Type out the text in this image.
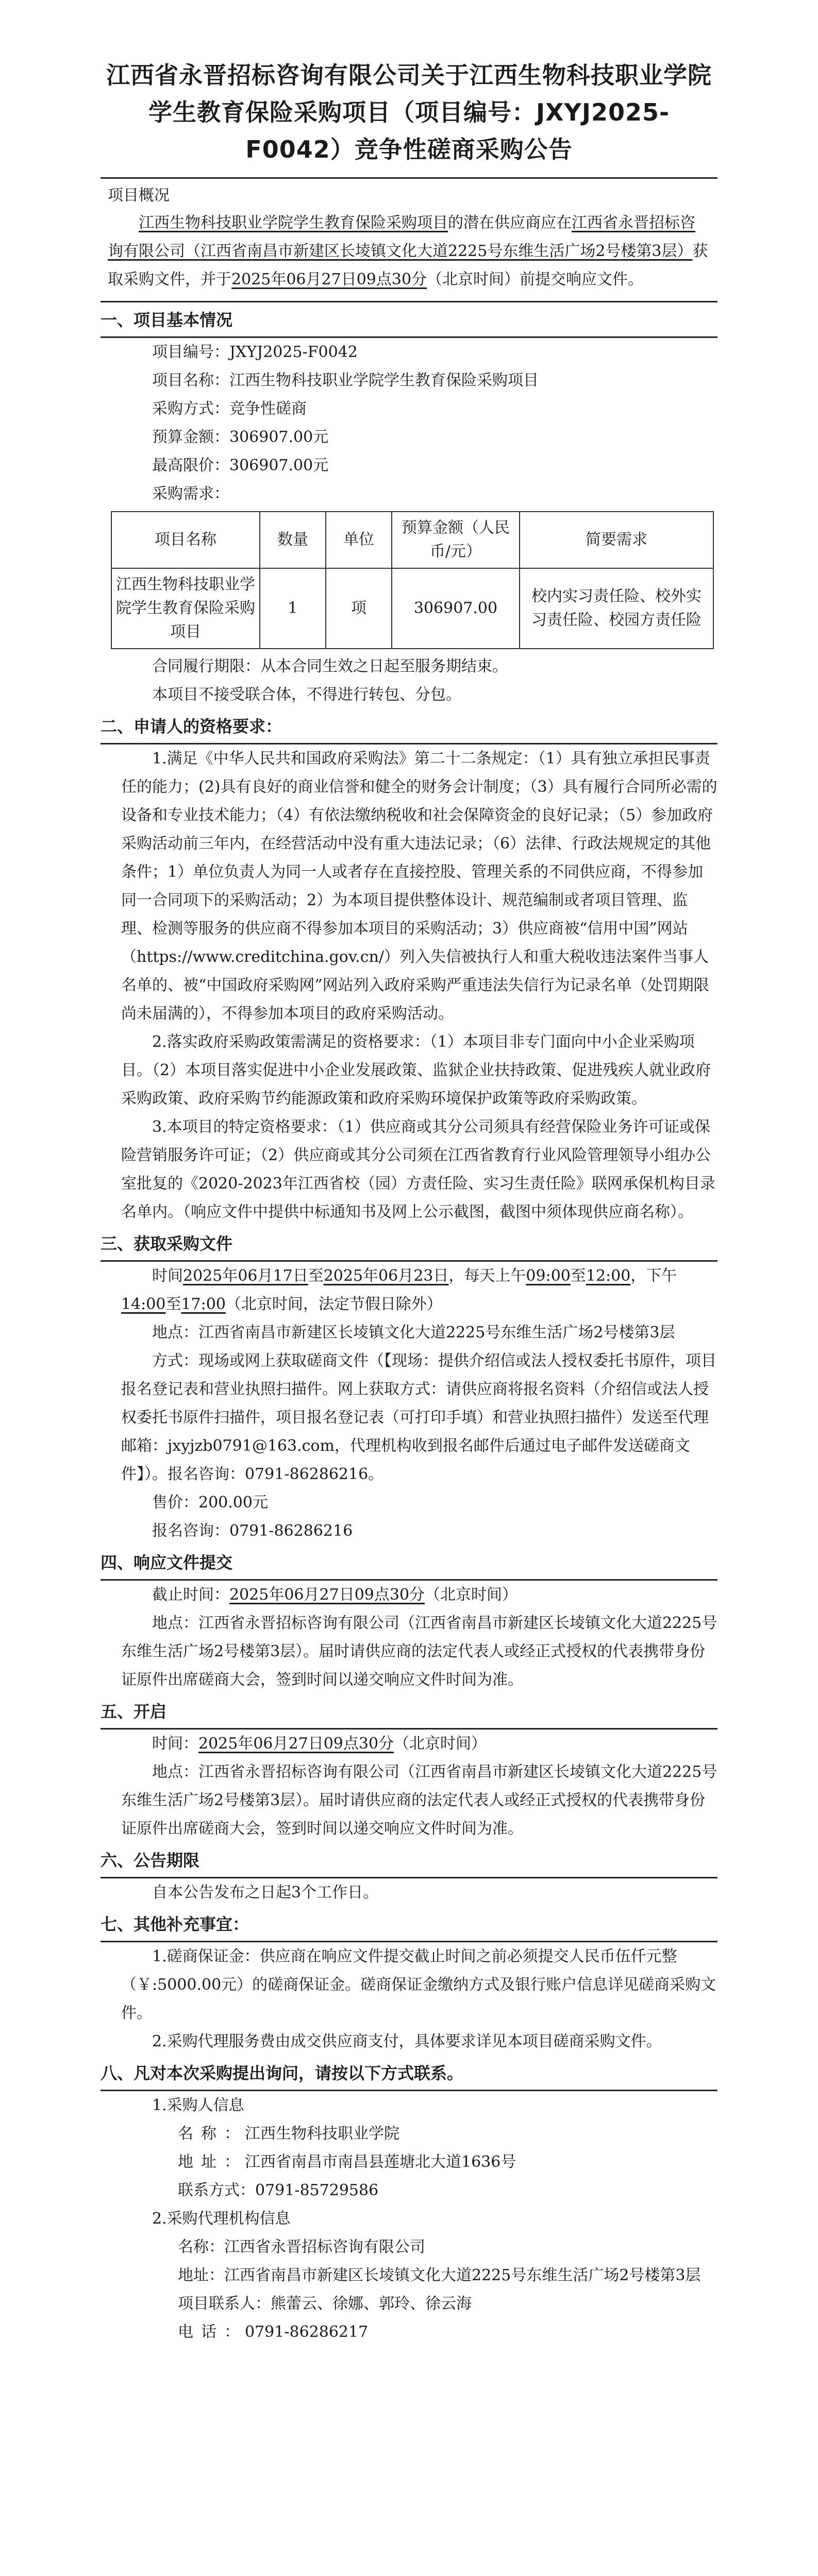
江西省永晋招标咨询有限公司关于江西生物科技职业学院学生教育保险采购项目（项目编号：JXYJ2025-F0042）竞争性磋商采购公告
项目概况
江西生物科技职业学院学生教育保险采购项目的潜在供应商应在江西省永晋招标咨询有限公司（江西省南昌市新建区长堎镇文化大道2225号东维生活广场2号楼第3层）获取采购文件，并于2025年06月27日09点30分（北京时间）前提交响应文件。
一、项目基本情况

项目编号：JXYJ2025-F0042

项目名称：江西生物科技职业学院学生教育保险采购项目

采购方式：竞争性磋商

预算金额：306907.00元

最高限价：306907.00元

采购需求：

项目名称	数量	单位	预算金额（人民币/元）	简要需求
江西生物科技职业学院学生教育保险采购项目	1	项	306907.00	校内实习责任险、校外实习责任险、校园方责任险

合同履行期限：从本合同生效之日起至服务期结束。

本项目不接受联合体，不得进行转包、分包。

二、申请人的资格要求：

1.满足《中华人民共和国政府采购法》第二十二条规定：（1）具有独立承担民事责任的能力；(2)具有良好的商业信誉和健全的财务会计制度；（3）具有履行合同所必需的设备和专业技术能力；（4）有依法缴纳税收和社会保障资金的良好记录；（5）参加政府采购活动前三年内，在经营活动中没有重大违法记录；（6）法律、行政法规规定的其他条件；1）单位负责人为同一人或者存在直接控股、管理关系的不同供应商，不得参加同一合同项下的采购活动；2）为本项目提供整体设计、规范编制或者项目管理、监理、检测等服务的供应商不得参加本项目的采购活动；3）供应商被“信用中国”网站（https://www.creditchina.gov.cn/）列入失信被执行人和重大税收违法案件当事人名单的、被“中国政府采购网”网站列入政府采购严重违法失信行为记录名单（处罚期限尚未届满的），不得参加本项目的政府采购活动。

2.落实政府采购政策需满足的资格要求：（1）本项目非专门面向中小企业采购项目。（2）本项目落实促进中小企业发展政策、监狱企业扶持政策、促进残疾人就业政府采购政策、政府采购节约能源政策和政府采购环境保护政策等政府采购政策。

3.本项目的特定资格要求：（1）供应商或其分公司须具有经营保险业务许可证或保险营销服务许可证；（2）供应商或其分公司须在江西省教育行业风险管理领导小组办公室批复的《2020-2023年江西省校（园）方责任险、实习生责任险》联网承保机构目录名单内。（响应文件中提供中标通知书及网上公示截图，截图中须体现供应商名称）。

三、获取采购文件

时间2025年06月17日至2025年06月23日，每天上午09:00至12:00，下午14:00至17:00（北京时间，法定节假日除外）

地点：江西省南昌市新建区长堎镇文化大道2225号东维生活广场2号楼第3层

方式：现场或网上获取磋商文件（【现场：提供介绍信或法人授权委托书原件，项目报名登记表和营业执照扫描件。网上获取方式：请供应商将报名资料（介绍信或法人授权委托书原件扫描件，项目报名登记表（可打印手填）和营业执照扫描件）发送至代理邮箱：jxyjzb0791@163.com，代理机构收到报名邮件后通过电子邮件发送磋商文件】）。报名咨询：0791-86286216。

售价：200.00元

报名咨询：0791-86286216

四、响应文件提交

截止时间：2025年06月27日09点30分（北京时间）

地点：江西省永晋招标咨询有限公司（江西省南昌市新建区长堎镇文化大道2225号东维生活广场2号楼第3层）。届时请供应商的法定代表人或经正式授权的代表携带身份证原件出席磋商大会，签到时间以递交响应文件时间为准。

五、开启

时间：2025年06月27日09点30分（北京时间）

地点：江西省永晋招标咨询有限公司（江西省南昌市新建区长堎镇文化大道2225号东维生活广场2号楼第3层）。届时请供应商的法定代表人或经正式授权的代表携带身份证原件出席磋商大会，签到时间以递交响应文件时间为准。

六、公告期限

自本公告发布之日起3个工作日。

七、其他补充事宜：

1.磋商保证金：供应商在响应文件提交截止时间之前必须提交人民币伍仟元整（￥:5000.00元）的磋商保证金。磋商保证金缴纳方式及银行账户信息详见磋商采购文件。

2.采购代理服务费由成交供应商支付，具体要求详见本项目磋商采购文件。

八、凡对本次采购提出询问，请按以下方式联系。

1.采购人信息

名称： 江西生物科技职业学院

地址： 江西省南昌市南昌县莲塘北大道1636号

联系方式：0791-85729586

2.采购代理机构信息

名称：江西省永晋招标咨询有限公司

地址：江西省南昌市新建区长堎镇文化大道2225号东维生活广场2号楼第3层

项目联系人：熊蕾云、徐娜、郭玲、徐云海

电话： 0791-86286217
